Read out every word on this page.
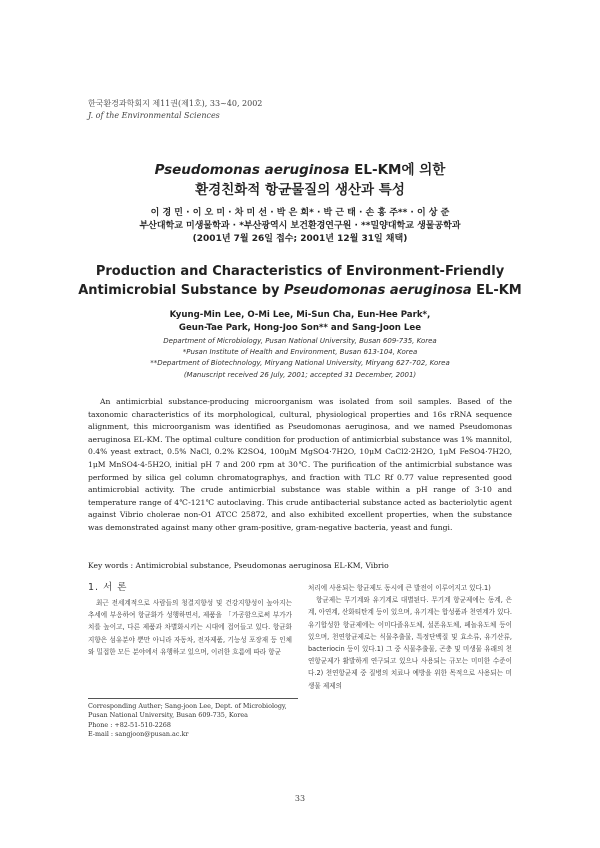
한국환경과학회지 제11권(제1호), 33~40, 2002
J. of the Environmental Sciences
Pseudomonas aeruginosa EL-KM에 의한
환경친화적 항균물질의 생산과 특성
이 경 민 · 이 오 미 · 차 미 선 · 박 은 희* · 박 근 태 · 손 홍 주** · 이 상 준
부산대학교 미생물학과 · *부산광역시 보건환경연구원 · **밀양대학교 생물공학과
(2001년 7월 26일 접수; 2001년 12월 31일 채택)
Production and Characteristics of Environment-Friendly
Antimicrobial Substance by Pseudomonas aeruginosa EL-KM
Kyung-Min Lee, O-Mi Lee, Mi-Sun Cha, Eun-Hee Park*,
Geun-Tae Park, Hong-Joo Son** and Sang-Joon Lee
Department of Microbiology, Pusan National University, Busan 609-735, Korea
*Pusan Institute of Health and Environment, Busan 613-104, Korea
**Department of Biotechnology, Miryang National University, Miryang 627-702, Korea
(Manuscript received 26 July, 2001; accepted 31 December, 2001)

An antimicrbial substance-producing microorganism was isolated from soil samples. Based of the taxonomic characteristics of its morphological, cultural, physiological properties and 16s rRNA sequence alignment, this microorganism was identified as Pseudomonas aeruginosa, and we named Pseudomonas aeruginosa EL-KM. The optimal culture condition for production of antimicrbial substance was 1% mannitol, 0.4% yeast extract, 0.5% NaCl, 0.2% K2SO4, 100μM MgSO4·7H2O, 10μM CaCl2·2H2O, 1μM FeSO4·7H2O, 1μM MnSO4·4-5H2O, initial pH 7 and 200 rpm at 30℃. The purification of the antimicrbial substance was performed by silica gel column chromatographys, and fraction with TLC Rf 0.77 value represented good antimicrobial activity. The crude antimicrbial substance was stable within a pH range of 3-10 and temperature range of 4℃-121℃ autoclaving. This crude antibacterial substance acted as bacteriolytic agent against Vibrio cholerae non-O1 ATCC 25872, and also exhibited excellent properties, when the substance was demonstrated against many other gram-positive, gram-negative bacteria, yeast and fungi.

Key words : Antimicrobial substance, Pseudomonas aeruginosa EL-KM, Vibrio
1. 서 론

최근 전세계적으로 사람들의 청결지향성 및 건강지향성이 높아지는 추세에 부응하여 항균화가 성행하면서, 제품을 「가공함으로써 부가가치를 높이고, 다른 제품과 차별화시키는 시대에 접어들고 있다. 항균화 지향은 섬유분야 뿐만 아니라 자동차, 전자제품, 기능성 포장재 등 인체와 밀접한 모든 분야에서 유행하고 있으며, 이러한 흐름에 따라 항균

처리에 사용되는 항균제도 동시에 큰 발전이 이루어지고 있다.1)

항균제는 무기계와 유기계로 대별된다. 무기계 항균제에는 동계, 은계, 아연계, 산화티탄계 등이 있으며, 유기계는 합성품과 천연계가 있다. 유기합성한 항균제에는 이미다졸유도체, 설폰유도체, 페놀유도체 등이 있으며, 천연항균제로는 식물추출물, 특정단백질 및 효소류, 유기산류, bacteriocin 등이 있다.1) 그 중 식물추출물, 곤충 및 미생물 유래의 천연항균제가 활발하게 연구되고 있으나 사용되는 규모는 미미한 수준이다.2) 천연항균제 중 질병의 치료나 예방을 위한 목적으로 사용되는 미생물 제제의

Corresponding Auther; Sang-joon Lee, Dept. of Microbiology,
Pusan National University, Busan 609-735, Korea
Phone : +82-51-510-2268
E-mail : sangjoon@pusan.ac.kr
33
